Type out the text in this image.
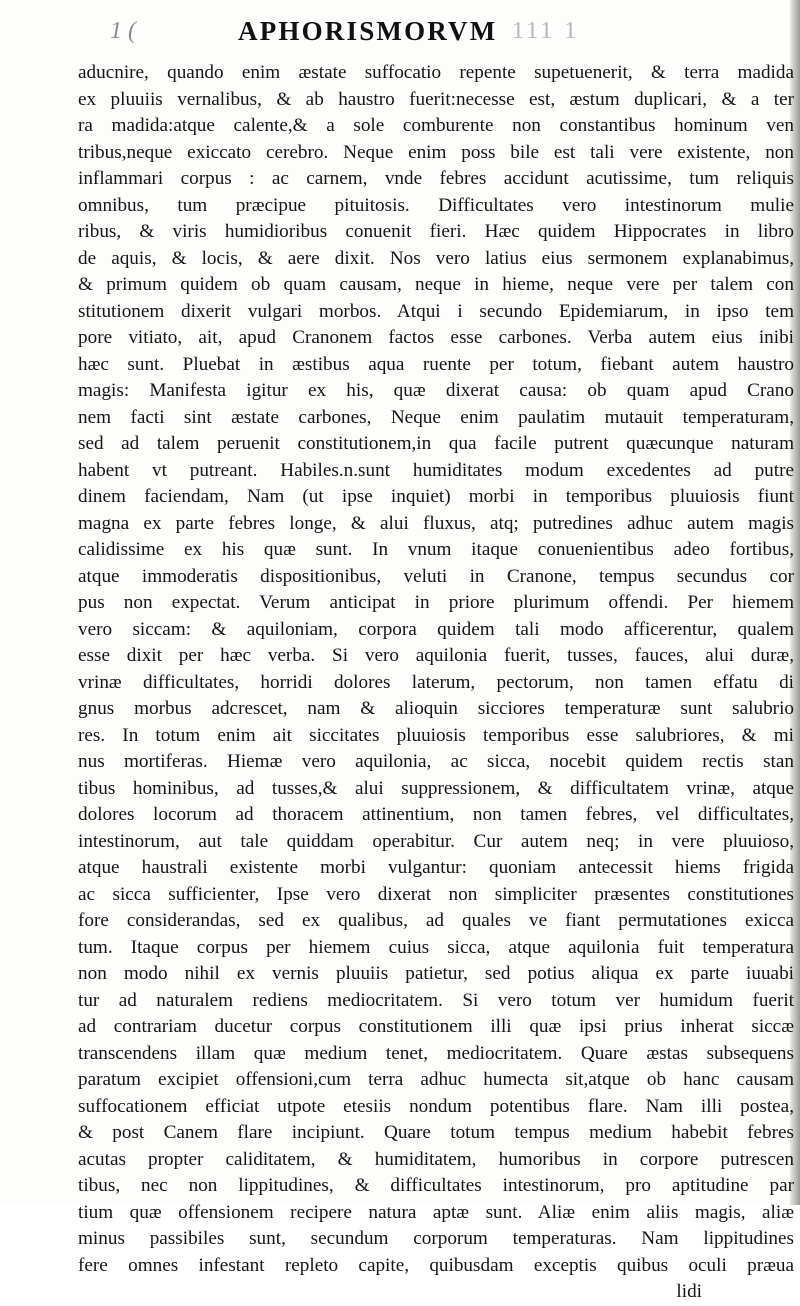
1 (	APHORISMORVM 111 1
aducnire, quando enim æstate suffocatio repente supetuenerit, & terra madida
ex pluuiis vernalibus, & ab haustro fuerit:necesse est, æstum duplicari, & a ter
ra madida:atque calente,& a sole comburente non constantibus hominum ven
tribus,neque exiccato cerebro. Neque enim poss bile est tali vere existente, non
inflammari corpus : ac carnem, vnde febres accidunt acutissime, tum reliquis
omnibus, tum præcipue pituitosis. Difficultates vero intestinorum mulie
ribus, & viris humidioribus conuenit fieri. Hæc quidem Hippocrates in libro
de aquis, & locis, & aere dixit. Nos vero latius eius sermonem explanabimus,
& primum quidem ob quam causam, neque in hieme, neque vere per talem con
stitutionem dixerit vulgari morbos. Atqui i secundo Epidemiarum, in ipso tem
pore vitiato, ait, apud Cranonem factos esse carbones. Verba autem eius inibi
hæc sunt. Pluebat in æstibus aqua ruente per totum, fiebant autem haustro
magis: Manifesta igitur ex his, quæ dixerat causa: ob quam apud Crano
nem facti sint æstate carbones, Neque enim paulatim mutauit temperaturam,
sed ad talem peruenit constitutionem,in qua facile putrent quæcunque naturam
habent vt putreant. Habiles.n.sunt humiditates modum excedentes ad putre
dinem faciendam, Nam (ut ipse inquiet) morbi in temporibus pluuiosis fiunt
magna ex parte febres longe, & alui fluxus, atq; putredines adhuc autem magis
calidissime ex his quæ sunt. In vnum itaque conuenientibus adeo fortibus,
atque immoderatis dispositionibus, veluti in Cranone, tempus secundus cor
pus non expectat. Verum anticipat in priore plurimum offendi. Per hiemem
vero siccam: & aquiloniam, corpora quidem tali modo afficerentur, qualem
esse dixit per hæc verba. Si vero aquilonia fuerit, tusses, fauces, alui duræ,
vrinæ difficultates, horridi dolores laterum, pectorum, non tamen effatu di
gnus morbus adcrescet, nam & alioquin sicciores temperaturæ sunt salubrio
res. In totum enim ait siccitates pluuiosis temporibus esse salubriores, & mi
nus mortiferas. Hiemæ vero aquilonia, ac sicca, nocebit quidem rectis stan
tibus hominibus, ad tusses,& alui suppressionem, & difficultatem vrinæ, atque
dolores locorum ad thoracem attinentium, non tamen febres, vel difficultates,
intestinorum, aut tale quiddam operabitur. Cur autem neq; in vere pluuioso,
atque haustrali existente morbi vulgantur: quoniam antecessit hiems frigida
ac sicca sufficienter, Ipse vero dixerat non simpliciter præsentes constitutiones
fore considerandas, sed ex qualibus, ad quales ve fiant permutationes exicca
tum. Itaque corpus per hiemem cuius sicca, atque aquilonia fuit temperatura
non modo nihil ex vernis pluuiis patietur, sed potius aliqua ex parte iuuabi
tur ad naturalem rediens mediocritatem. Si vero totum ver humidum fuerit
ad contrariam ducetur corpus constitutionem illi quæ ipsi prius inherat siccæ
transcendens illam quæ medium tenet, mediocritatem. Quare æstas subsequens
paratum excipiet offensioni,cum terra adhuc humecta sit,atque ob hanc causam
suffocationem efficiat utpote etesiis nondum potentibus flare. Nam illi postea,
& post Canem flare incipiunt. Quare totum tempus medium habebit febres
acutas propter caliditatem, & humiditatem, humoribus in corpore putrescen
tibus, nec non lippitudines, & difficultates intestinorum, pro aptitudine par
tium quæ offensionem recipere natura aptæ sunt. Aliæ enim aliis magis, aliæ
minus passibiles sunt, secundum corporum temperaturas. Nam lippitudines
fere omnes infestant repleto capite, quibusdam exceptis quibus oculi præua
lidi
